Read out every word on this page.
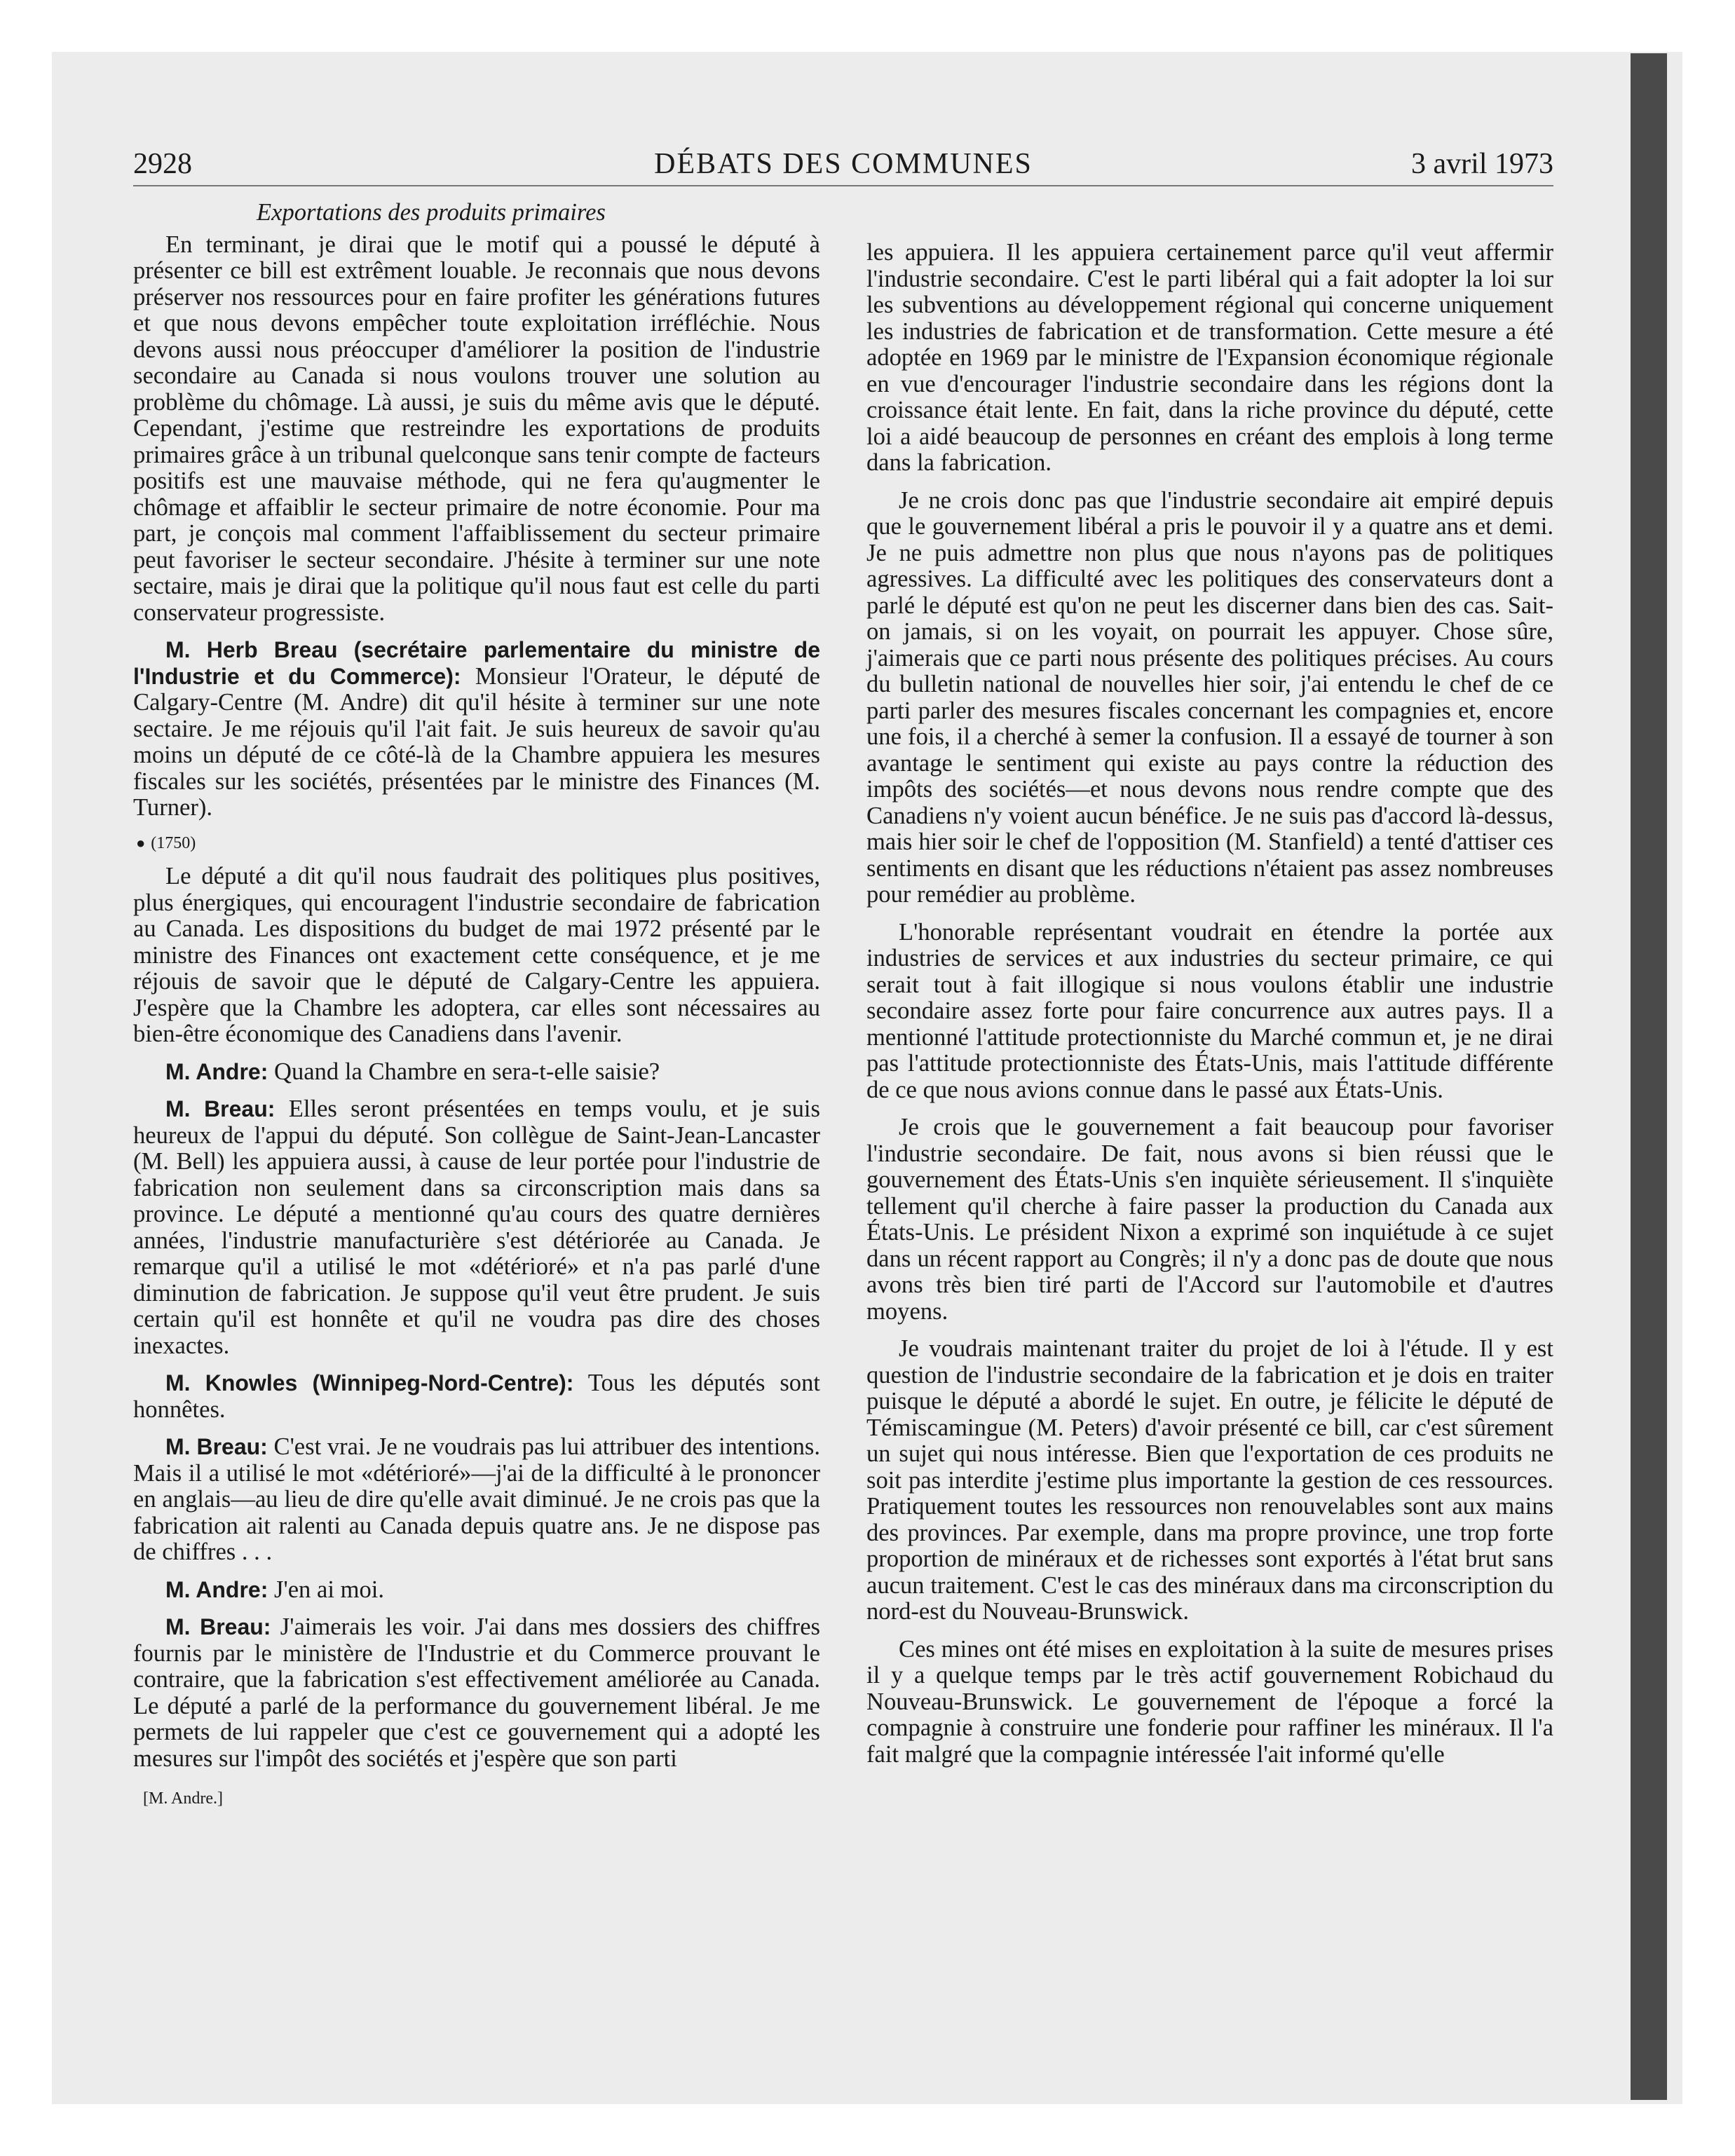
2928	DÉBATS DES COMMUNES	3 avril 1973

Exportations des produits primaires

En terminant, je dirai que le motif qui a poussé le député à présenter ce bill est extrêment louable. Je reconnais que nous devons préserver nos ressources pour en faire profiter les générations futures et que nous devons empêcher toute exploitation irréfléchie. Nous devons aussi nous préoccuper d'améliorer la position de l'industrie secondaire au Canada si nous voulons trouver une solution au problème du chômage. Là aussi, je suis du même avis que le député. Cependant, j'estime que restreindre les exportations de produits primaires grâce à un tribunal quelconque sans tenir compte de facteurs positifs est une mauvaise méthode, qui ne fera qu'augmenter le chômage et affaiblir le secteur primaire de notre économie. Pour ma part, je conçois mal comment l'affaiblissement du secteur primaire peut favoriser le secteur secondaire. J'hésite à terminer sur une note sectaire, mais je dirai que la politique qu'il nous faut est celle du parti conservateur progressiste.

M. Herb Breau (secrétaire parlementaire du ministre de l'Industrie et du Commerce): Monsieur l'Orateur, le député de Calgary-Centre (M. Andre) dit qu'il hésite à terminer sur une note sectaire. Je me réjouis qu'il l'ait fait. Je suis heureux de savoir qu'au moins un député de ce côté-là de la Chambre appuiera les mesures fiscales sur les sociétés, présentées par le ministre des Finances (M. Turner).

● (1750)

Le député a dit qu'il nous faudrait des politiques plus positives, plus énergiques, qui encouragent l'industrie secondaire de fabrication au Canada. Les dispositions du budget de mai 1972 présenté par le ministre des Finances ont exactement cette conséquence, et je me réjouis de savoir que le député de Calgary-Centre les appuiera. J'espère que la Chambre les adoptera, car elles sont nécessaires au bien-être économique des Canadiens dans l'avenir.

M. Andre: Quand la Chambre en sera-t-elle saisie?

M. Breau: Elles seront présentées en temps voulu, et je suis heureux de l'appui du député. Son collègue de Saint-Jean-Lancaster (M. Bell) les appuiera aussi, à cause de leur portée pour l'industrie de fabrication non seulement dans sa circonscription mais dans sa province. Le député a mentionné qu'au cours des quatre dernières années, l'industrie manufacturière s'est détériorée au Canada. Je remarque qu'il a utilisé le mot «détérioré» et n'a pas parlé d'une diminution de fabrication. Je suppose qu'il veut être prudent. Je suis certain qu'il est honnête et qu'il ne voudra pas dire des choses inexactes.

M. Knowles (Winnipeg-Nord-Centre): Tous les députés sont honnêtes.

M. Breau: C'est vrai. Je ne voudrais pas lui attribuer des intentions. Mais il a utilisé le mot «détérioré»—j'ai de la difficulté à le prononcer en anglais—au lieu de dire qu'elle avait diminué. Je ne crois pas que la fabrication ait ralenti au Canada depuis quatre ans. Je ne dispose pas de chiffres . . .

M. Andre: J'en ai moi.

M. Breau: J'aimerais les voir. J'ai dans mes dossiers des chiffres fournis par le ministère de l'Industrie et du Commerce prouvant le contraire, que la fabrication s'est effectivement améliorée au Canada. Le député a parlé de la performance du gouvernement libéral. Je me permets de lui rappeler que c'est ce gouvernement qui a adopté les mesures sur l'impôt des sociétés et j'espère que son parti

[M. Andre.]

les appuiera. Il les appuiera certainement parce qu'il veut affermir l'industrie secondaire. C'est le parti libéral qui a fait adopter la loi sur les subventions au développement régional qui concerne uniquement les industries de fabrication et de transformation. Cette mesure a été adoptée en 1969 par le ministre de l'Expansion économique régionale en vue d'encourager l'industrie secondaire dans les régions dont la croissance était lente. En fait, dans la riche province du député, cette loi a aidé beaucoup de personnes en créant des emplois à long terme dans la fabrication.

Je ne crois donc pas que l'industrie secondaire ait empiré depuis que le gouvernement libéral a pris le pouvoir il y a quatre ans et demi. Je ne puis admettre non plus que nous n'ayons pas de politiques agressives. La difficulté avec les politiques des conservateurs dont a parlé le député est qu'on ne peut les discerner dans bien des cas. Sait-on jamais, si on les voyait, on pourrait les appuyer. Chose sûre, j'aimerais que ce parti nous présente des politiques précises. Au cours du bulletin national de nouvelles hier soir, j'ai entendu le chef de ce parti parler des mesures fiscales concernant les compagnies et, encore une fois, il a cherché à semer la confusion. Il a essayé de tourner à son avantage le sentiment qui existe au pays contre la réduction des impôts des sociétés—et nous devons nous rendre compte que des Canadiens n'y voient aucun bénéfice. Je ne suis pas d'accord là-dessus, mais hier soir le chef de l'opposition (M. Stanfield) a tenté d'attiser ces sentiments en disant que les réductions n'étaient pas assez nombreuses pour remédier au problème.

L'honorable représentant voudrait en étendre la portée aux industries de services et aux industries du secteur primaire, ce qui serait tout à fait illogique si nous voulons établir une industrie secondaire assez forte pour faire concurrence aux autres pays. Il a mentionné l'attitude protectionniste du Marché commun et, je ne dirai pas l'attitude protectionniste des États-Unis, mais l'attitude différente de ce que nous avions connue dans le passé aux États-Unis.

Je crois que le gouvernement a fait beaucoup pour favoriser l'industrie secondaire. De fait, nous avons si bien réussi que le gouvernement des États-Unis s'en inquiète sérieusement. Il s'inquiète tellement qu'il cherche à faire passer la production du Canada aux États-Unis. Le président Nixon a exprimé son inquiétude à ce sujet dans un récent rapport au Congrès; il n'y a donc pas de doute que nous avons très bien tiré parti de l'Accord sur l'automobile et d'autres moyens.

Je voudrais maintenant traiter du projet de loi à l'étude. Il y est question de l'industrie secondaire de la fabrication et je dois en traiter puisque le député a abordé le sujet. En outre, je félicite le député de Témiscamingue (M. Peters) d'avoir présenté ce bill, car c'est sûrement un sujet qui nous intéresse. Bien que l'exportation de ces produits ne soit pas interdite j'estime plus importante la gestion de ces ressources. Pratiquement toutes les ressources non renouvelables sont aux mains des provinces. Par exemple, dans ma propre province, une trop forte proportion de minéraux et de richesses sont exportés à l'état brut sans aucun traitement. C'est le cas des minéraux dans ma circonscription du nord-est du Nouveau-Brunswick.

Ces mines ont été mises en exploitation à la suite de mesures prises il y a quelque temps par le très actif gouvernement Robichaud du Nouveau-Brunswick. Le gouvernement de l'époque a forcé la compagnie à construire une fonderie pour raffiner les minéraux. Il l'a fait malgré que la compagnie intéressée l'ait informé qu'elle
